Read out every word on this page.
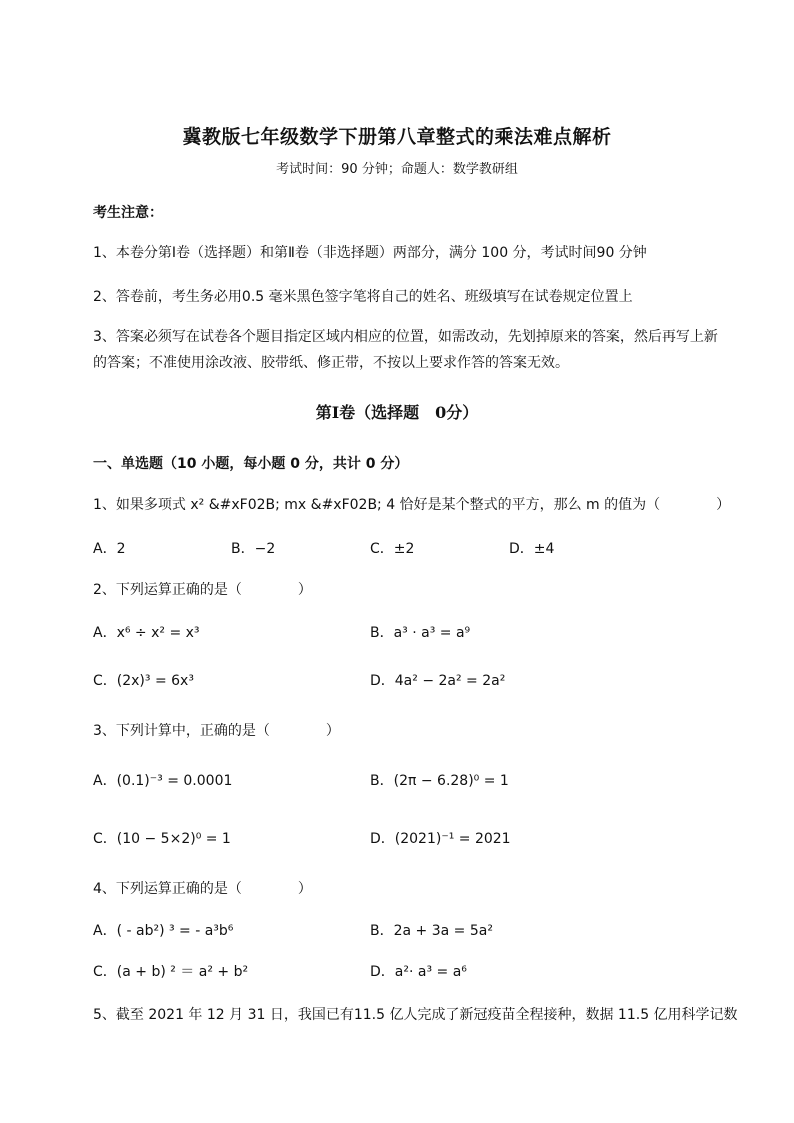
冀教版七年级数学下册第八章整式的乘法难点解析
考试时间：90 分钟；命题人：数学教研组
考生注意：
1、本卷分第Ⅰ卷（选择题）和第Ⅱ卷（非选择题）两部分，满分 100 分，考试时间90 分钟
2、答卷前，考生务必用0.5 毫米黑色签字笔将自己的姓名、班级填写在试卷规定位置上
3、答案必须写在试卷各个题目指定区域内相应的位置，如需改动，先划掉原来的答案，然后再写上新
的答案；不准使用涂改液、胶带纸、修正带，不按以上要求作答的答案无效。
第Ⅰ卷（选择题　0分）
一、单选题（10 小题，每小题 0 分，共计 0 分）
1、如果多项式 x² &#xF02B; mx &#xF02B; 4 恰好是某个整式的平方，那么 m 的值为（　　　　）
A．2	B．−2	C．±2	D．±4
2、下列运算正确的是（　　　　）
A．x⁶ ÷ x² = x³	B．a³ · a³ = a⁹
C．(2x)³ = 6x³	D．4a² − 2a² = 2a²
3、下列计算中，正确的是（　　　　）
A．(0.1)⁻³ = 0.0001	B．(2π − 6.28)⁰ = 1
C．(10 − 5×2)⁰ = 1	D．(2021)⁻¹ = 2021
4、下列运算正确的是（　　　　）
A．( - ab²) ³ = - a³b⁶	B．2a + 3a = 5a²
C．(a + b) ² ＝ a² + b²	D．a²· a³ = a⁶
5、截至 2021 年 12 月 31 日，我国已有11.5 亿人完成了新冠疫苗全程接种，数据 11.5 亿用科学记数
